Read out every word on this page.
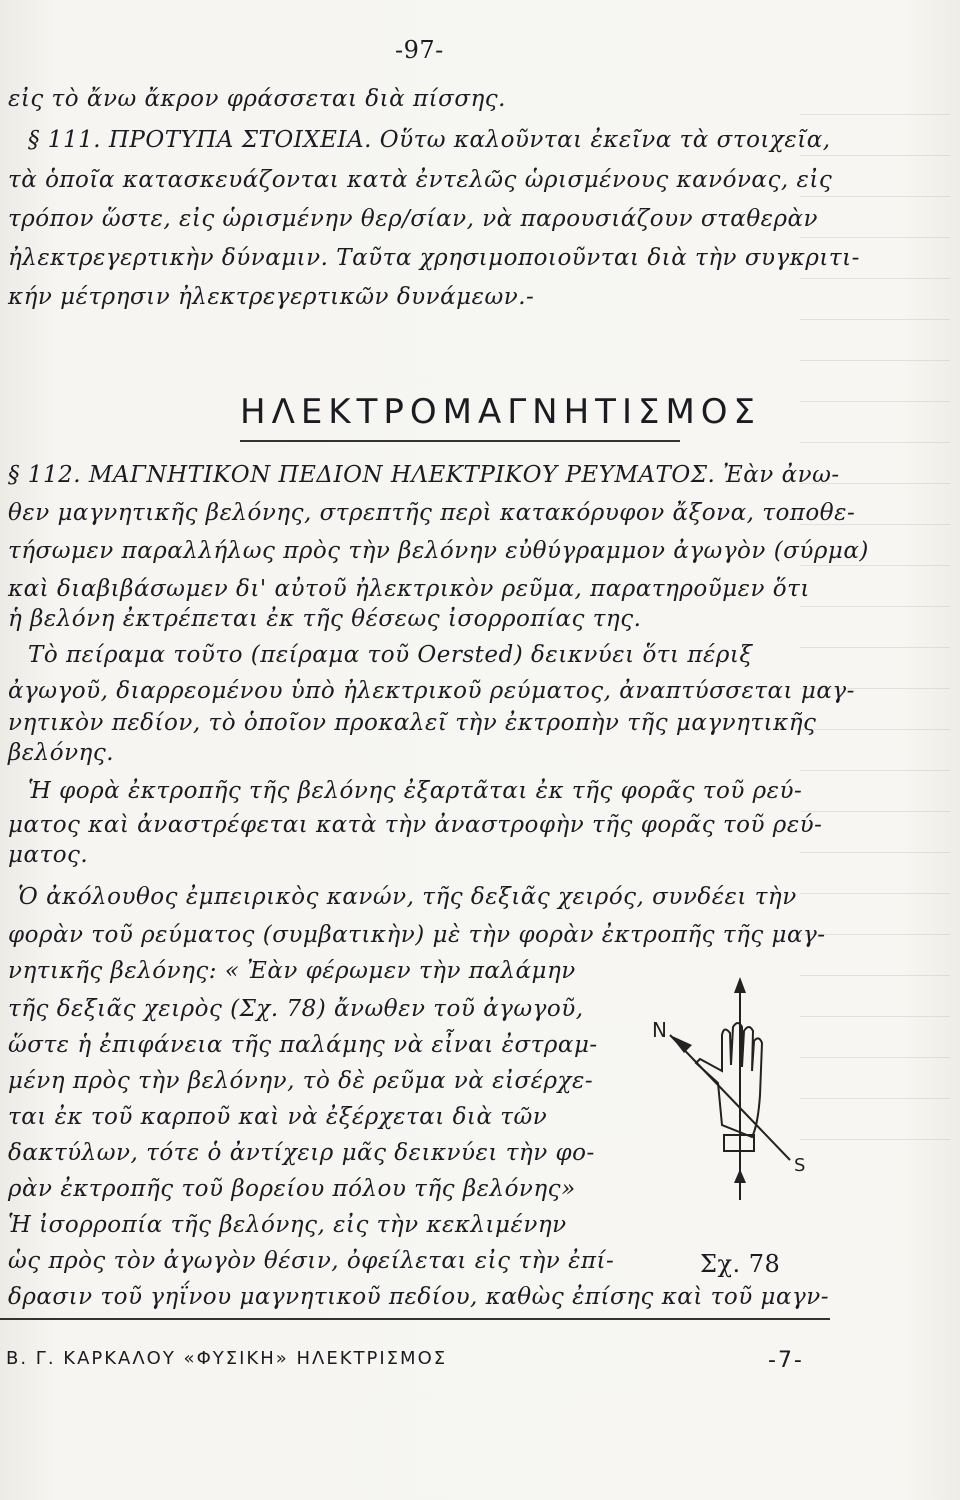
-97-
εἰς τὸ ἄνω ἄκρον φράσσεται διὰ πίσσης.
§ 111. ΠΡΟΤΥΠΑ ΣΤΟΙΧΕΙΑ. Οὕτω καλοῦνται ἐκεῖνα τὰ στοιχεῖα,
τὰ ὁποῖα κατασκευάζονται κατὰ ἐντελῶς ὡρισμένους κανόνας, εἰς
τρόπον ὥστε, εἰς ὡρισμένην θερ/σίαν, νὰ παρουσιάζουν σταθερὰν
ἠλεκτρεγερτικὴν δύναμιν. Ταῦτα χρησιμοποιοῦνται διὰ τὴν συγκριτι-
κήν μέτρησιν ἠλεκτρεγερτικῶν δυνάμεων.-
ΗΛΕΚΤΡΟΜΑΓΝΗΤΙΣΜΟΣ
§ 112. ΜΑΓΝΗΤΙΚΟΝ ΠΕΔΙΟΝ ΗΛΕΚΤΡΙΚΟΥ ΡΕΥΜΑΤΟΣ. Ἐὰν ἀνω-
θεν μαγνητικῆς βελόνης, στρεπτῆς περὶ κατακόρυφον ἄξονα, τοποθε-
τήσωμεν παραλλήλως πρὸς τὴν βελόνην εὐθύγραμμον ἀγωγὸν (σύρμα)
καὶ διαβιβάσωμεν δι' αὐτοῦ ἠλεκτρικὸν ρεῦμα, παρατηροῦμεν ὅτι
ἡ βελόνη ἐκτρέπεται ἐκ τῆς θέσεως ἰσορροπίας της.
Τὸ πείραμα τοῦτο (πείραμα τοῦ Oersted) δεικνύει ὅτι πέριξ
ἀγωγοῦ, διαρρεομένου ὑπὸ ἠλεκτρικοῦ ρεύματος, ἀναπτύσσεται μαγ-
νητικὸν πεδίον, τὸ ὁποῖον προκαλεῖ τὴν ἐκτροπὴν τῆς μαγνητικῆς
βελόνης.
Ἡ φορὰ ἐκτροπῆς τῆς βελόνης ἐξαρτᾶται ἐκ τῆς φορᾶς τοῦ ρεύ-
ματος καὶ ἀναστρέφεται κατὰ τὴν ἀναστροφὴν τῆς φορᾶς τοῦ ρεύ-
ματος.
Ὁ ἀκόλουθος ἐμπειρικὸς κανών, τῆς δεξιᾶς χειρός, συνδέει τὴν
φορὰν τοῦ ρεύματος (συμβατικὴν) μὲ τὴν φορὰν ἐκτροπῆς τῆς μαγ-
νητικῆς βελόνης: « Ἐὰν φέρωμεν τὴν παλάμην
τῆς δεξιᾶς χειρὸς (Σχ. 78) ἄνωθεν τοῦ ἀγωγοῦ,
ὥστε ἡ ἐπιφάνεια τῆς παλάμης νὰ εἶναι ἐστραμ-
μένη πρὸς τὴν βελόνην, τὸ δὲ ρεῦμα νὰ εἰσέρχε-
ται ἐκ τοῦ καρποῦ καὶ νὰ ἐξέρχεται διὰ τῶν
δακτύλων, τότε ὁ ἀντίχειρ μᾶς δεικνύει τὴν φο-
ρὰν ἐκτροπῆς τοῦ βορείου πόλου τῆς βελόνης»
Ἡ ἰσορροπία τῆς βελόνης, εἰς τὴν κεκλιμένην
ὡς πρὸς τὸν ἀγωγὸν θέσιν, ὀφείλεται εἰς τὴν ἐπί-
δρασιν τοῦ γηΐνου μαγνητικοῦ πεδίου, καθὼς ἐπίσης καὶ τοῦ μαγν-
N
S
Σχ. 78
Β. Γ. ΚΑΡΚΑΛΟΥ «ΦΥΣΙΚΗ» ΗΛΕΚΤΡΙΣΜΟΣ	-7-
